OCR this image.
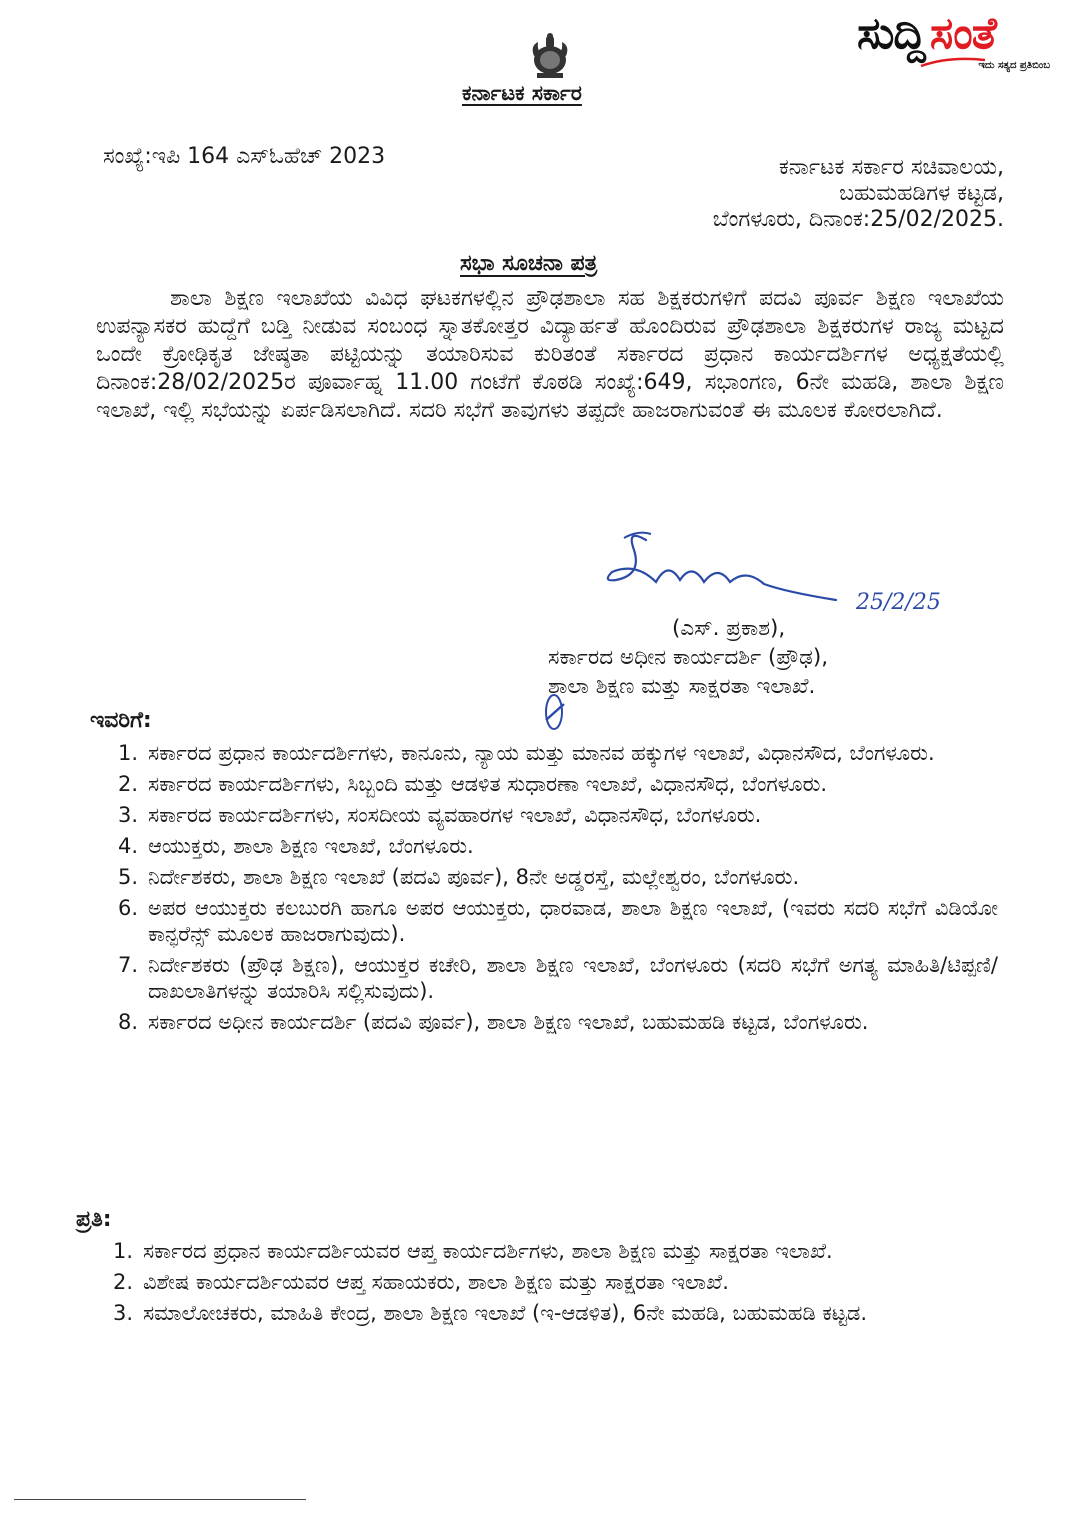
ಸುದ್ದಿ ಸಂತೆ
ಇದು ಸತ್ಯದ ಪ್ರತಿಬಿಂಬ
ಕರ್ನಾಟಕ ಸರ್ಕಾರ
ಸಂಖ್ಯೆ:ಇಪಿ 164 ಎಸ್‌ಓಹೆಚ್ 2023	ಕರ್ನಾಟಕ ಸರ್ಕಾರ ಸಚಿವಾಲಯ,
ಬಹುಮಹಡಿಗಳ ಕಟ್ಟಡ,
ಬೆಂಗಳೂರು, ದಿನಾಂಕ:25/02/2025.
ಸಭಾ ಸೂಚನಾ ಪತ್ರ
ಶಾಲಾ ಶಿಕ್ಷಣ ಇಲಾಖೆಯ ವಿವಿಧ ಘಟಕಗಳಲ್ಲಿನ ಪ್ರೌಢಶಾಲಾ ಸಹ ಶಿಕ್ಷಕರುಗಳಿಗೆ ಪದವಿ ಪೂರ್ವ ಶಿಕ್ಷಣ ಇಲಾಖೆಯ ಉಪನ್ಯಾಸಕರ ಹುದ್ದೆಗೆ ಬಡ್ತಿ ನೀಡುವ ಸಂಬಂಧ ಸ್ನಾತಕೋತ್ತರ ವಿದ್ಯಾರ್ಹತೆ ಹೊಂದಿರುವ ಪ್ರೌಢಶಾಲಾ ಶಿಕ್ಷಕರುಗಳ ರಾಜ್ಯ ಮಟ್ಟದ ಒಂದೇ ಕ್ರೋಢಿಕೃತ ಜೇಷ್ಠತಾ ಪಟ್ಟಿಯನ್ನು ತಯಾರಿಸುವ ಕುರಿತಂತೆ ಸರ್ಕಾರದ ಪ್ರಧಾನ ಕಾರ್ಯದರ್ಶಿಗಳ ಅಧ್ಯಕ್ಷತೆಯಲ್ಲಿ ದಿನಾಂಕ:28/02/2025ರ ಪೂರ್ವಾಹ್ನ 11.00 ಗಂಟೆಗೆ ಕೊಠಡಿ ಸಂಖ್ಯೆ:649, ಸಭಾಂಗಣ, 6ನೇ ಮಹಡಿ, ಶಾಲಾ ಶಿಕ್ಷಣ ಇಲಾಖೆ, ಇಲ್ಲಿ ಸಭೆಯನ್ನು ಏರ್ಪಡಿಸಲಾಗಿದೆ. ಸದರಿ ಸಭೆಗೆ ತಾವುಗಳು ತಪ್ಪದೇ ಹಾಜರಾಗುವಂತೆ ಈ ಮೂಲಕ ಕೋರಲಾಗಿದೆ.
25/2/25
(ಎಸ್. ಪ್ರಕಾಶ),
ಸರ್ಕಾರದ ಅಧೀನ ಕಾರ್ಯದರ್ಶಿ (ಪ್ರೌಢ),
ಶಾಲಾ ಶಿಕ್ಷಣ ಮತ್ತು ಸಾಕ್ಷರತಾ ಇಲಾಖೆ.
ಇವರಿಗೆ:
1. ಸರ್ಕಾರದ ಪ್ರಧಾನ ಕಾರ್ಯದರ್ಶಿಗಳು, ಕಾನೂನು, ನ್ಯಾಯ ಮತ್ತು ಮಾನವ ಹಕ್ಕುಗಳ ಇಲಾಖೆ, ವಿಧಾನಸೌದ, ಬೆಂಗಳೂರು.
2. ಸರ್ಕಾರದ ಕಾರ್ಯದರ್ಶಿಗಳು, ಸಿಬ್ಬಂದಿ ಮತ್ತು ಆಡಳಿತ ಸುಧಾರಣಾ ಇಲಾಖೆ, ವಿಧಾನಸೌಧ, ಬೆಂಗಳೂರು.
3. ಸರ್ಕಾರದ ಕಾರ್ಯದರ್ಶಿಗಳು, ಸಂಸದೀಯ ವ್ಯವಹಾರಗಳ ಇಲಾಖೆ, ವಿಧಾನಸೌಧ, ಬೆಂಗಳೂರು.
4. ಆಯುಕ್ತರು, ಶಾಲಾ ಶಿಕ್ಷಣ ಇಲಾಖೆ, ಬೆಂಗಳೂರು.
5. ನಿರ್ದೇಶಕರು, ಶಾಲಾ ಶಿಕ್ಷಣ ಇಲಾಖೆ (ಪದವಿ ಪೂರ್ವ), 8ನೇ ಅಡ್ಡರಸ್ತೆ, ಮಲ್ಲೇಶ್ವರಂ, ಬೆಂಗಳೂರು.
6. ಅಪರ ಆಯುಕ್ತರು ಕಲಬುರಗಿ ಹಾಗೂ ಅಪರ ಆಯುಕ್ತರು, ಧಾರವಾಡ, ಶಾಲಾ ಶಿಕ್ಷಣ ಇಲಾಖೆ, (ಇವರು ಸದರಿ ಸಭೆಗೆ ವಿಡಿಯೋ ಕಾನ್ಫರೆನ್ಸ್ ಮೂಲಕ ಹಾಜರಾಗುವುದು).
7. ನಿರ್ದೇಶಕರು (ಪ್ರೌಢ ಶಿಕ್ಷಣ), ಆಯುಕ್ತರ ಕಚೇರಿ, ಶಾಲಾ ಶಿಕ್ಷಣ ಇಲಾಖೆ, ಬೆಂಗಳೂರು (ಸದರಿ ಸಭೆಗೆ ಅಗತ್ಯ ಮಾಹಿತಿ/ಟಿಪ್ಪಣಿ/ದಾಖಲಾತಿಗಳನ್ನು ತಯಾರಿಸಿ ಸಲ್ಲಿಸುವುದು).
8. ಸರ್ಕಾರದ ಅಧೀನ ಕಾರ್ಯದರ್ಶಿ (ಪದವಿ ಪೂರ್ವ), ಶಾಲಾ ಶಿಕ್ಷಣ ಇಲಾಖೆ, ಬಹುಮಹಡಿ ಕಟ್ಟಡ, ಬೆಂಗಳೂರು.
ಪ್ರತಿ:
1. ಸರ್ಕಾರದ ಪ್ರಧಾನ ಕಾರ್ಯದರ್ಶಿಯವರ ಆಪ್ತ ಕಾರ್ಯದರ್ಶಿಗಳು, ಶಾಲಾ ಶಿಕ್ಷಣ ಮತ್ತು ಸಾಕ್ಷರತಾ ಇಲಾಖೆ.
2. ವಿಶೇಷ ಕಾರ್ಯದರ್ಶಿಯವರ ಆಪ್ತ ಸಹಾಯಕರು, ಶಾಲಾ ಶಿಕ್ಷಣ ಮತ್ತು ಸಾಕ್ಷರತಾ ಇಲಾಖೆ.
3. ಸಮಾಲೋಚಕರು, ಮಾಹಿತಿ ಕೇಂದ್ರ, ಶಾಲಾ ಶಿಕ್ಷಣ ಇಲಾಖೆ (ಇ-ಆಡಳಿತ), 6ನೇ ಮಹಡಿ, ಬಹುಮಹಡಿ ಕಟ್ಟಡ.
